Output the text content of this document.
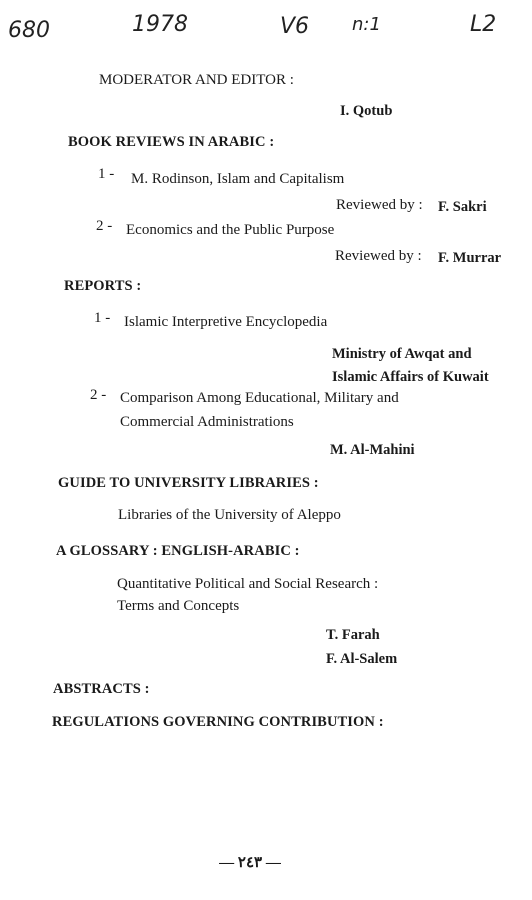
680	1978	V6 n:1	L2
MODERATOR AND EDITOR :
I. Qotub
BOOK REVIEWS IN ARABIC :
1 - M. Rodinson, Islam and Capitalism
Reviewed by : F. Sakri
2 - Economics and the Public Purpose
Reviewed by : F. Murrar
REPORTS :
1 - Islamic Interpretive Encyclopedia
Ministry of Awqat and
Islamic Affairs of Kuwait
2 - Comparison Among Educational, Military and
Commercial Administrations
M. Al-Mahini
GUIDE TO UNIVERSITY LIBRARIES :
Libraries of the University of Aleppo
A GLOSSARY : ENGLISH-ARABIC :
Quantitative Political and Social Research :
Terms and Concepts
T. Farah
F. Al-Salem
ABSTRACTS :
REGULATIONS GOVERNING CONTRIBUTION :
— ٢٤٣ —
